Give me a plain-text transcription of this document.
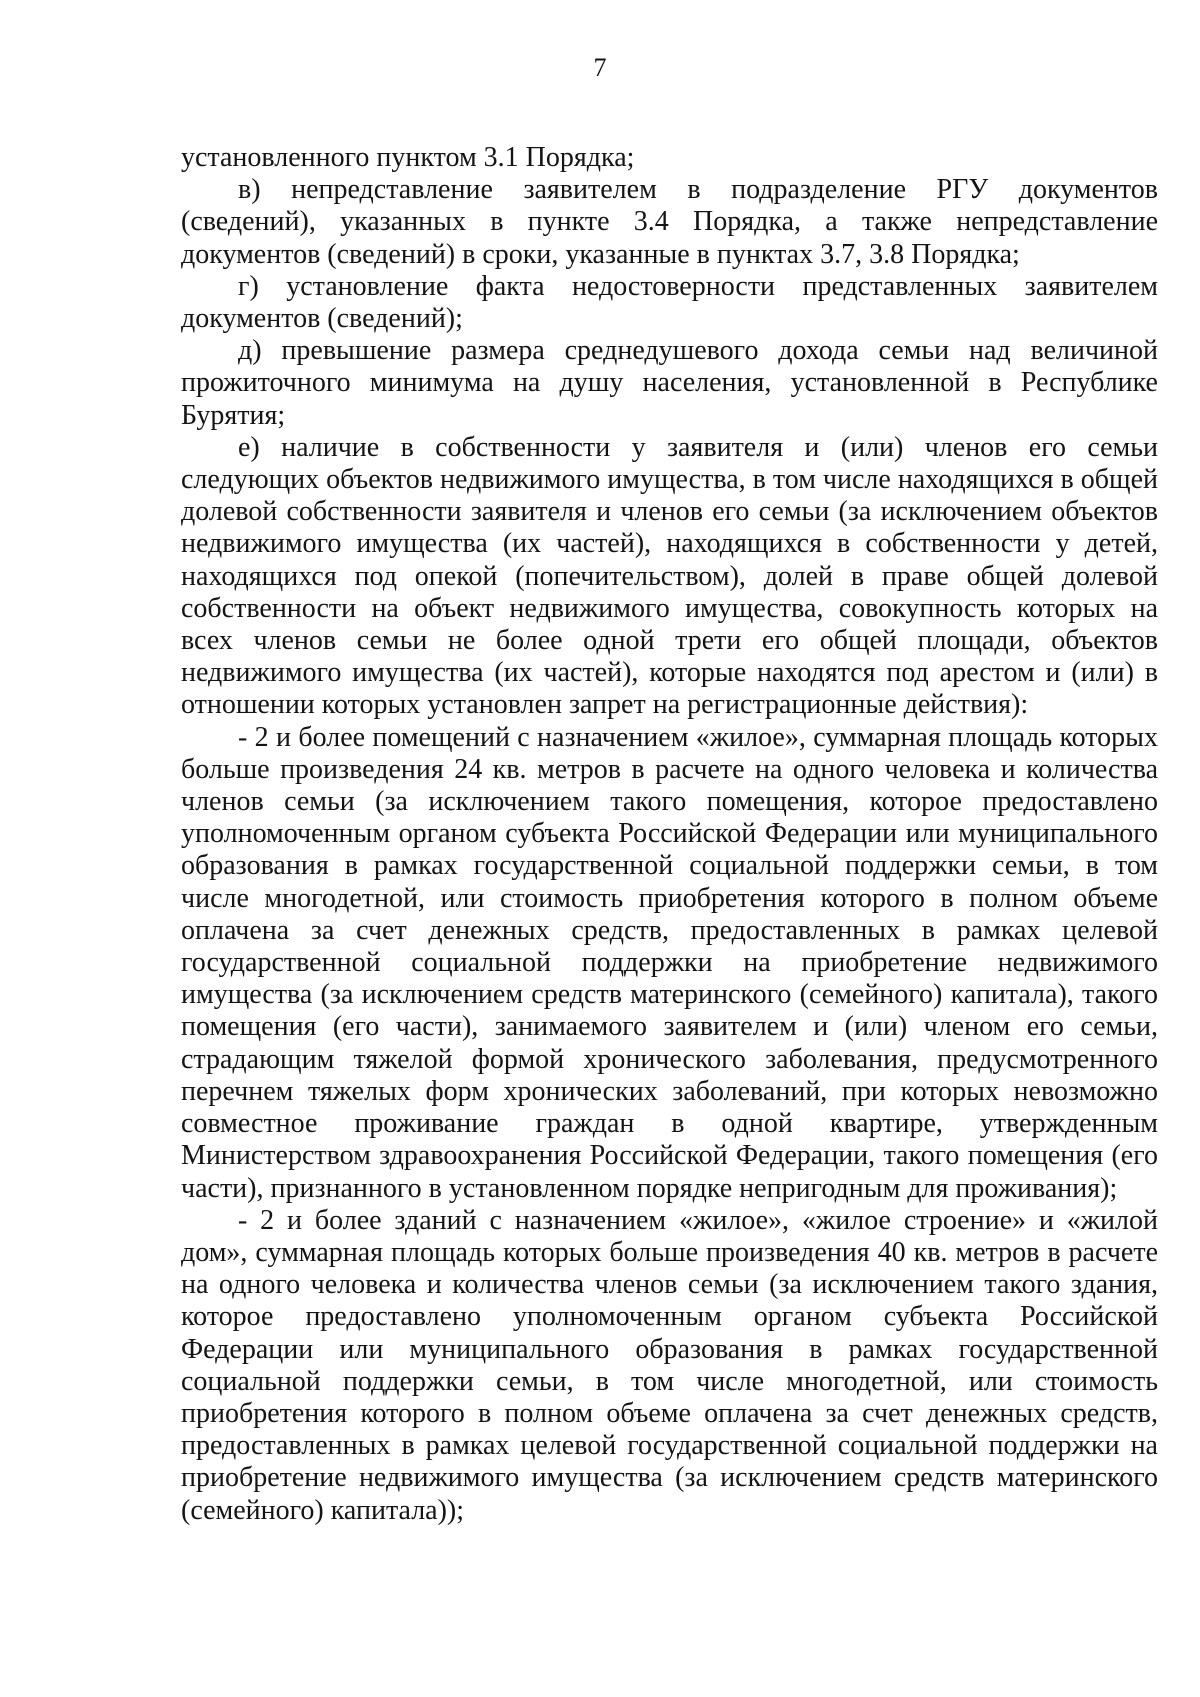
7

установленного пунктом 3.1 Порядка;

в) непредставление заявителем в подразделение РГУ документов (сведений), указанных в пункте 3.4 Порядка, а также непредставление документов (сведений) в сроки, указанные в пунктах 3.7, 3.8 Порядка;

г) установление факта недостоверности представленных заявителем документов (сведений);

д) превышение размера среднедушевого дохода семьи над величиной прожиточного минимума на душу населения, установленной в Республике Бурятия;

е) наличие в собственности у заявителя и (или) членов его семьи следующих объектов недвижимого имущества, в том числе находящихся в общей долевой собственности заявителя и членов его семьи (за исключением объектов недвижимого имущества (их частей), находящихся в собственности у детей, находящихся под опекой (попечительством), долей в праве общей долевой собственности на объект недвижимого имущества, совокупность которых на всех членов семьи не более одной трети его общей площади, объектов недвижимого имущества (их частей), которые находятся под арестом и (или) в отношении которых установлен запрет на регистрационные действия):

- 2 и более помещений с назначением «жилое», суммарная площадь которых больше произведения 24 кв. метров в расчете на одного человека и количества членов семьи (за исключением такого помещения, которое предоставлено уполномоченным органом субъекта Российской Федерации или муниципального образования в рамках государственной социальной поддержки семьи, в том числе многодетной, или стоимость приобретения которого в полном объеме оплачена за счет денежных средств, предоставленных в рамках целевой государственной социальной поддержки на приобретение недвижимого имущества (за исключением средств материнского (семейного) капитала), такого помещения (его части), занимаемого заявителем и (или) членом его семьи, страдающим тяжелой формой хронического заболевания, предусмотренного перечнем тяжелых форм хронических заболеваний, при которых невозможно совместное проживание граждан в одной квартире, утвержденным Министерством здравоохранения Российской Федерации, такого помещения (его части), признанного в установленном порядке непригодным для проживания);

- 2 и более зданий с назначением «жилое», «жилое строение» и «жилой дом», суммарная площадь которых больше произведения 40 кв. метров в расчете на одного человека и количества членов семьи (за исключением такого здания, которое предоставлено уполномоченным органом субъекта Российской Федерации или муниципального образования в рамках государственной социальной поддержки семьи, в том числе многодетной, или стоимость приобретения которого в полном объеме оплачена за счет денежных средств, предоставленных в рамках целевой государственной социальной поддержки на приобретение недвижимого имущества (за исключением средств материнского (семейного) капитала));
